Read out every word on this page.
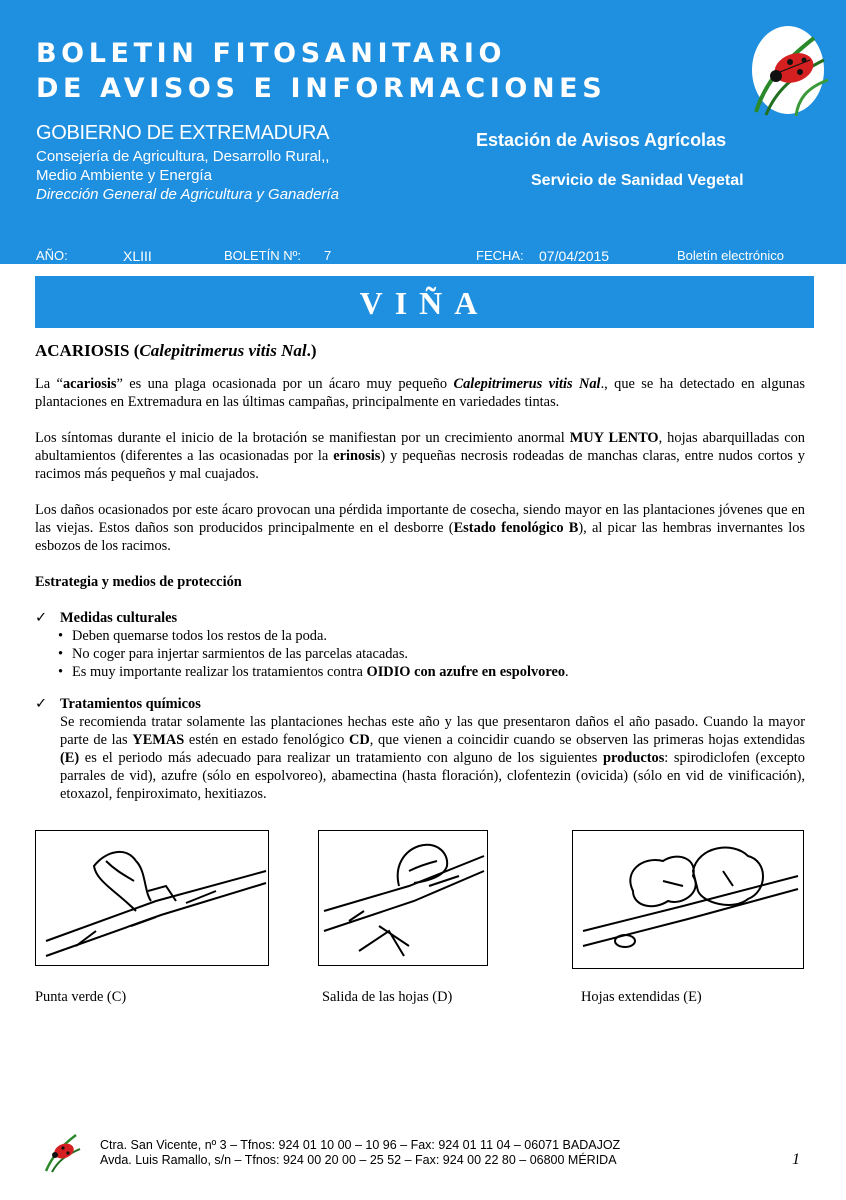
BOLETIN FITOSANITARIO
DE AVISOS E INFORMACIONES
GOBIERNO DE EXTREMADURA
Consejería de Agricultura, Desarrollo Rural,,
Medio Ambiente y Energía
Dirección General de Agricultura y Ganadería
Estación de Avisos Agrícolas
Servicio de Sanidad Vegetal
AÑO:	XLIII	BOLETÍN Nº: 7	FECHA: 07/04/2015	Boletín electrónico
VIÑA

ACARIOSIS (Calepitrimerus vitis Nal.)

La “acariosis” es una plaga ocasionada por un ácaro muy pequeño Calepitrimerus vitis Nal., que se ha detectado en algunas plantaciones en Extremadura en las últimas campañas, principalmente en variedades tintas.

Los síntomas durante el inicio de la brotación se manifiestan por un crecimiento anormal MUY LENTO, hojas abarquilladas con abultamientos (diferentes a las ocasionadas por la erinosis) y pequeñas necrosis rodeadas de manchas claras, entre nudos cortos y racimos más pequeños y mal cuajados.

Los daños ocasionados por este ácaro provocan una pérdida importante de cosecha, siendo mayor en las plantaciones jóvenes que en las viejas. Estos daños son producidos principalmente en el desborre (Estado fenológico B), al picar las hembras invernantes los esbozos de los racimos.

Estrategia y medios de protección

✓ Medidas culturales

• Deben quemarse todos los restos de la poda.
• No coger para injertar sarmientos de las parcelas atacadas.
• Es muy importante realizar los tratamientos contra OIDIO con azufre en espolvoreo.

✓ Tratamientos químicos

Se recomienda tratar solamente las plantaciones hechas este año y las que presentaron daños el año pasado. Cuando la mayor parte de las YEMAS estén en estado fenológico CD, que vienen a coincidir cuando se observen las primeras hojas extendidas (E) es el periodo más adecuado para realizar un tratamiento con alguno de los siguientes productos: spirodiclofen (excepto parrales de vid), azufre (sólo en espolvoreo), abamectina (hasta floración), clofentezin (ovicida) (sólo en vid de vinificación), etoxazol, fenpiroximato, hexitiazos.

Punta verde (C)	Salida de las hojas (D)	Hojas extendidas (E)
Ctra. San Vicente, nº 3 – Tfnos: 924 01 10 00 – 10 96 – Fax: 924 01 11 04 – 06071 BADAJOZ
Avda. Luis Ramallo, s/n – Tfnos: 924 00 20 00 – 25 52 – Fax: 924 00 22 80 – 06800 MÉRIDA	1
